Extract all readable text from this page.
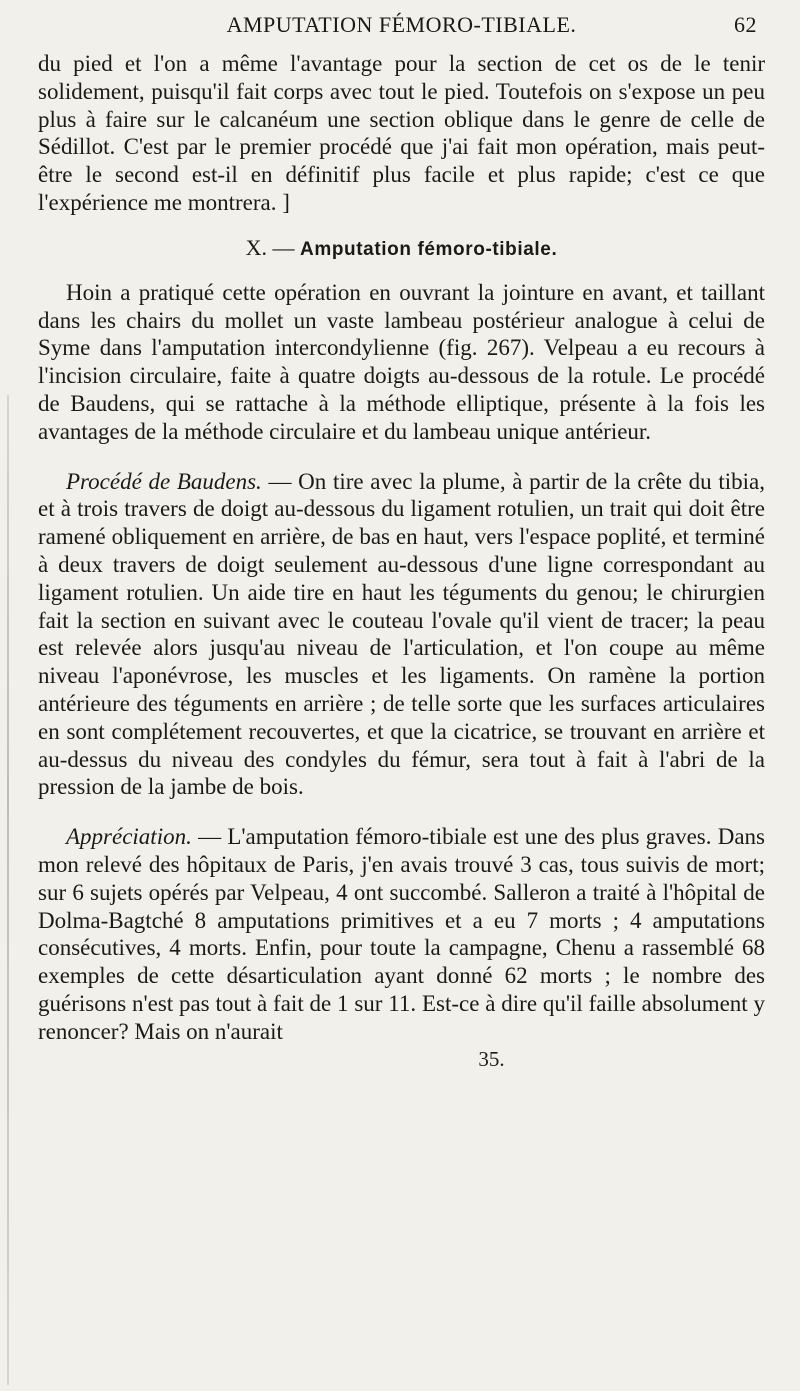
AMPUTATION FÉMORO-TIBIALE.	62

du pied et l'on a même l'avantage pour la section de cet os de le tenir solidement, puisqu'il fait corps avec tout le pied. Toutefois on s'expose un peu plus à faire sur le calcanéum une section oblique dans le genre de celle de Sédillot. C'est par le premier procédé que j'ai fait mon opération, mais peut-être le second est-il en définitif plus facile et plus rapide; c'est ce que l'expérience me montrera. ]

X. — Amputation fémoro-tibiale.

Hoin a pratiqué cette opération en ouvrant la jointure en avant, et taillant dans les chairs du mollet un vaste lambeau postérieur analogue à celui de Syme dans l'amputation intercondylienne (fig. 267). Velpeau a eu recours à l'incision circulaire, faite à quatre doigts au-dessous de la rotule. Le procédé de Baudens, qui se rattache à la méthode elliptique, présente à la fois les avantages de la méthode circulaire et du lambeau unique antérieur.

Procédé de Baudens. — On tire avec la plume, à partir de la crête du tibia, et à trois travers de doigt au-dessous du ligament rotulien, un trait qui doit être ramené obliquement en arrière, de bas en haut, vers l'espace poplité, et terminé à deux travers de doigt seulement au-dessous d'une ligne correspondant au ligament rotulien. Un aide tire en haut les téguments du genou; le chirurgien fait la section en suivant avec le couteau l'ovale qu'il vient de tracer; la peau est relevée alors jusqu'au niveau de l'articulation, et l'on coupe au même niveau l'aponévrose, les muscles et les ligaments. On ramène la portion antérieure des téguments en arrière ; de telle sorte que les surfaces articulaires en sont complétement recouvertes, et que la cicatrice, se trouvant en arrière et au-dessus du niveau des condyles du fémur, sera tout à fait à l'abri de la pression de la jambe de bois.

Appréciation. — L'amputation fémoro-tibiale est une des plus graves. Dans mon relevé des hôpitaux de Paris, j'en avais trouvé 3 cas, tous suivis de mort; sur 6 sujets opérés par Velpeau, 4 ont succombé. Salleron a traité à l'hôpital de Dolma-Bagtché 8 amputations primitives et a eu 7 morts ; 4 amputations consécutives, 4 morts. Enfin, pour toute la campagne, Chenu a rassemblé 68 exemples de cette désarticulation ayant donné 62 morts ; le nombre des guérisons n'est pas tout à fait de 1 sur 11. Est-ce à dire qu'il faille absolument y renoncer? Mais on n'aurait

35.
